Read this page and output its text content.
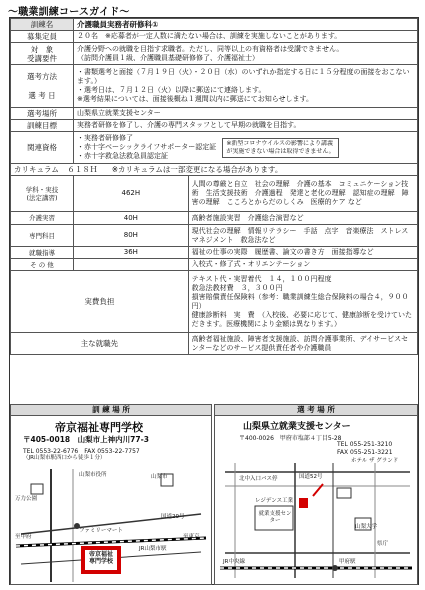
～職業訓練コースガイド～
訓練名	介護職員実務者研修科①	
募集定員	２０名　※応募者が一定人数に満たない場合は、訓練を実施しないことがあります。	

対　象
受講要件	介護分野への就職を目指す求職者。ただし、同等以上の有資格者は受講できません。
（訪問介護員１級、介護職員基礎研修修了、介護福祉士）	

選考方法
選 考 日	・書類選考と面接（７月１９日（火）・２０日（水）のいずれか指定する日に１５分程度の面接をおこないます。）
・選考日は、７月１２日（火）以降に郵送にて連絡します。
※選考結果については、面接後概ね１週間以内に郵送にてお知らせします。	

選考場所	山梨県立就業支援センター	
訓練目標	実務者研修を修了し、介護の専門スタッフとして早期の就職を目指す。	
関連資格	・実務者研修修了
・赤十字ベーシックライフサポーター認定証
・赤十字救急法救急員認定証
※新型コロナウイルスの影響により講義
が実施できない場合は取得できません。	

カリキュラム ６１８Ｈ ※カリキュラムは一部変更になる場合があります。		

学科・実技
(法定講習)	462H	人間の尊厳と自立　社会の理解　介護の基本　コミュニケーション技術　生活支援技術　介護過程　発達と老化の理解　認知症の理解　障害の理解　こころとからだのしくみ　医療的ケア など
介護実習	40H	高齢者施設実習　介護総合演習など
専門科目	80H	現代社会の理解　情報リテラシー　手話　点字　音楽療法　ストレスマネジメント　救急法など
就職指導	36H	福祉の仕事の実際　履歴書、論文の書き方　面接指導など
そ の 他		入校式・修了式・オリエンテーション
実費負担		テキスト代・実習着代　１４，１００円程度
救急法教材費　３，３００円
損害賠償責任保険料（参考：職業訓練生総合保険料の場合４，９００円）
健康診断料　実　費　（入校後、必要に応じて、健康診断を受けていただきます。医療機関により金額は異なります。）

主な就職先		高齢者福祉施設、障害者支援施設、訪問介護事業所、デイサービスセンターなどのサービス提供責任者や介護職員
訓 練 場 所
帝京福祉専門学校
〒405-0018　山梨市上神内川77-3
TEL 0553-22-6776　FAX 0553-22-7757
（JR山梨市駅西口から徒歩１分）
山梨市役所
万力公園
JR山梨市駅
ファミリーマート
山梨市
国道20号
至甲府	至東京
帝京福祉
専門学校
選 考 場 所
山梨県立就業支援センター
〒400-0026　甲府市塩部４丁目5-28
TEL 055-251-3210
FAX 055-251-3221
就業支援センター
ホテル ザ グランド
レジデンス工業
甲府駅
県庁
JR中央線
国道52号
北中入口バス停
山梨大学
